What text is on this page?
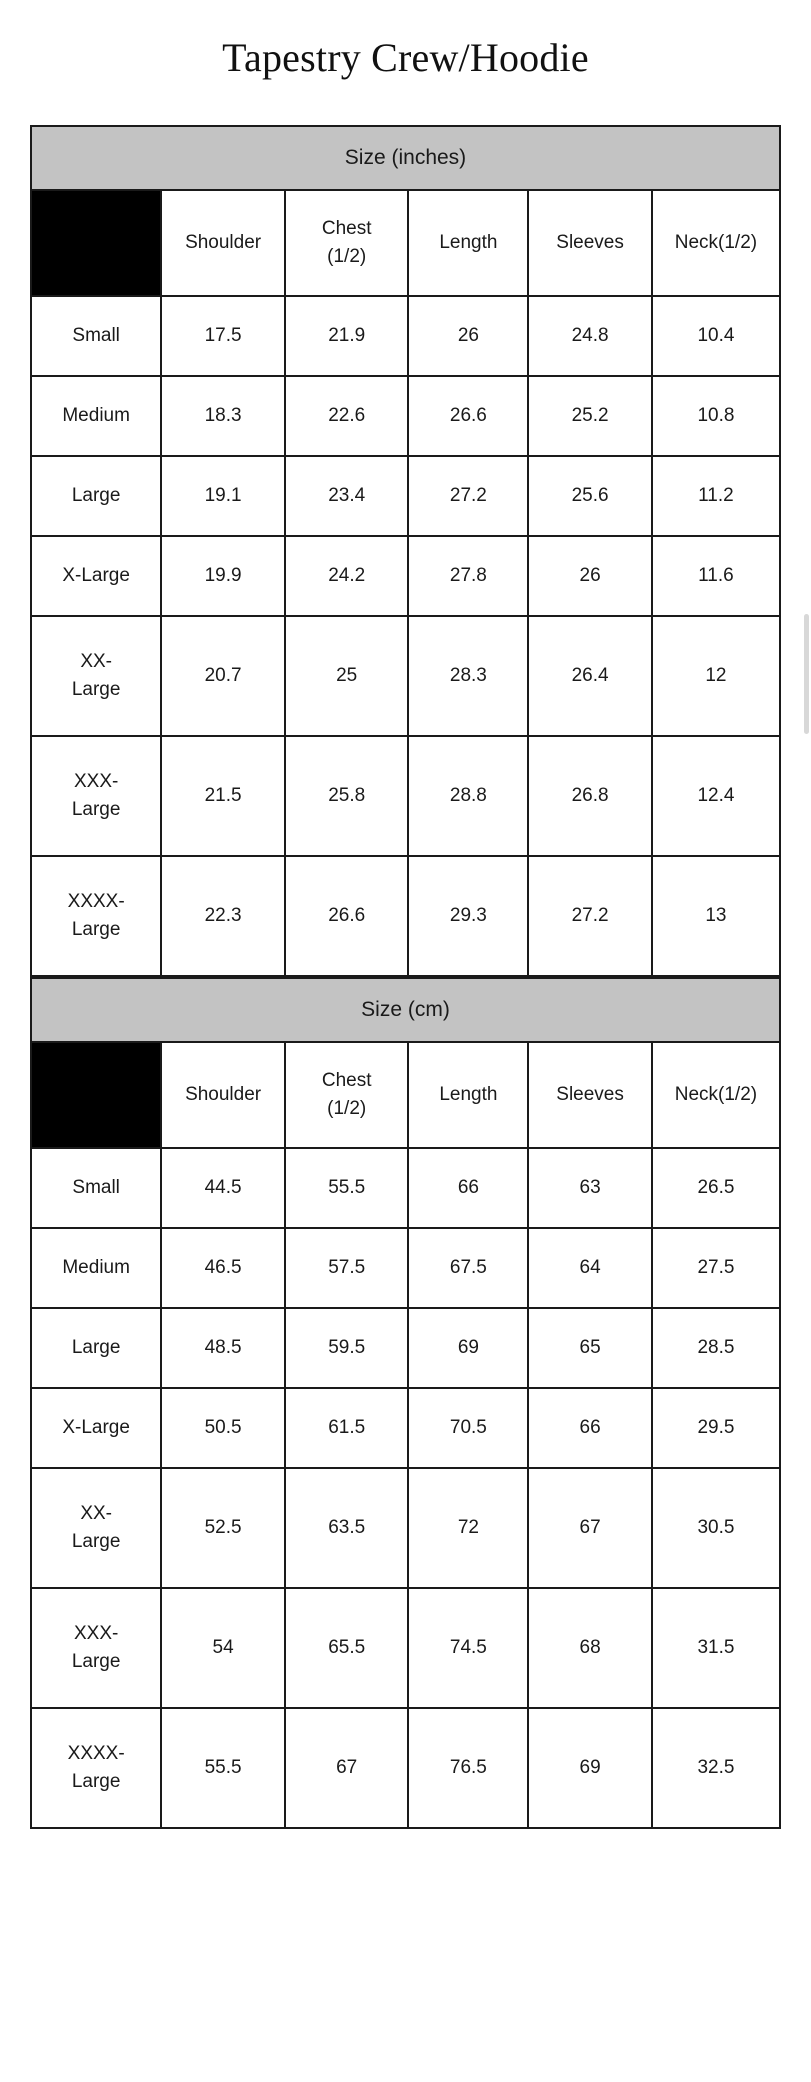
Tapestry Crew/Hoodie
Size (inches)					
	Shoulder	Chest
(1/2)	Length	Sleeves	Neck(1/2)
Small	17.5	21.9	26	24.8	10.4
Medium	18.3	22.6	26.6	25.2	10.8
Large	19.1	23.4	27.2	25.6	11.2
X-Large	19.9	24.2	27.8	26	11.6

XX-
Large	20.7	25	28.3	26.4	12

XXX-
Large	21.5	25.8	28.8	26.8	12.4

XXXX-
Large	22.3	26.6	29.3	27.2	13
Size (cm)					
	Shoulder	Chest
(1/2)	Length	Sleeves	Neck(1/2)
Small	44.5	55.5	66	63	26.5
Medium	46.5	57.5	67.5	64	27.5
Large	48.5	59.5	69	65	28.5
X-Large	50.5	61.5	70.5	66	29.5

XX-
Large	52.5	63.5	72	67	30.5

XXX-
Large	54	65.5	74.5	68	31.5

XXXX-
Large	55.5	67	76.5	69	32.5
